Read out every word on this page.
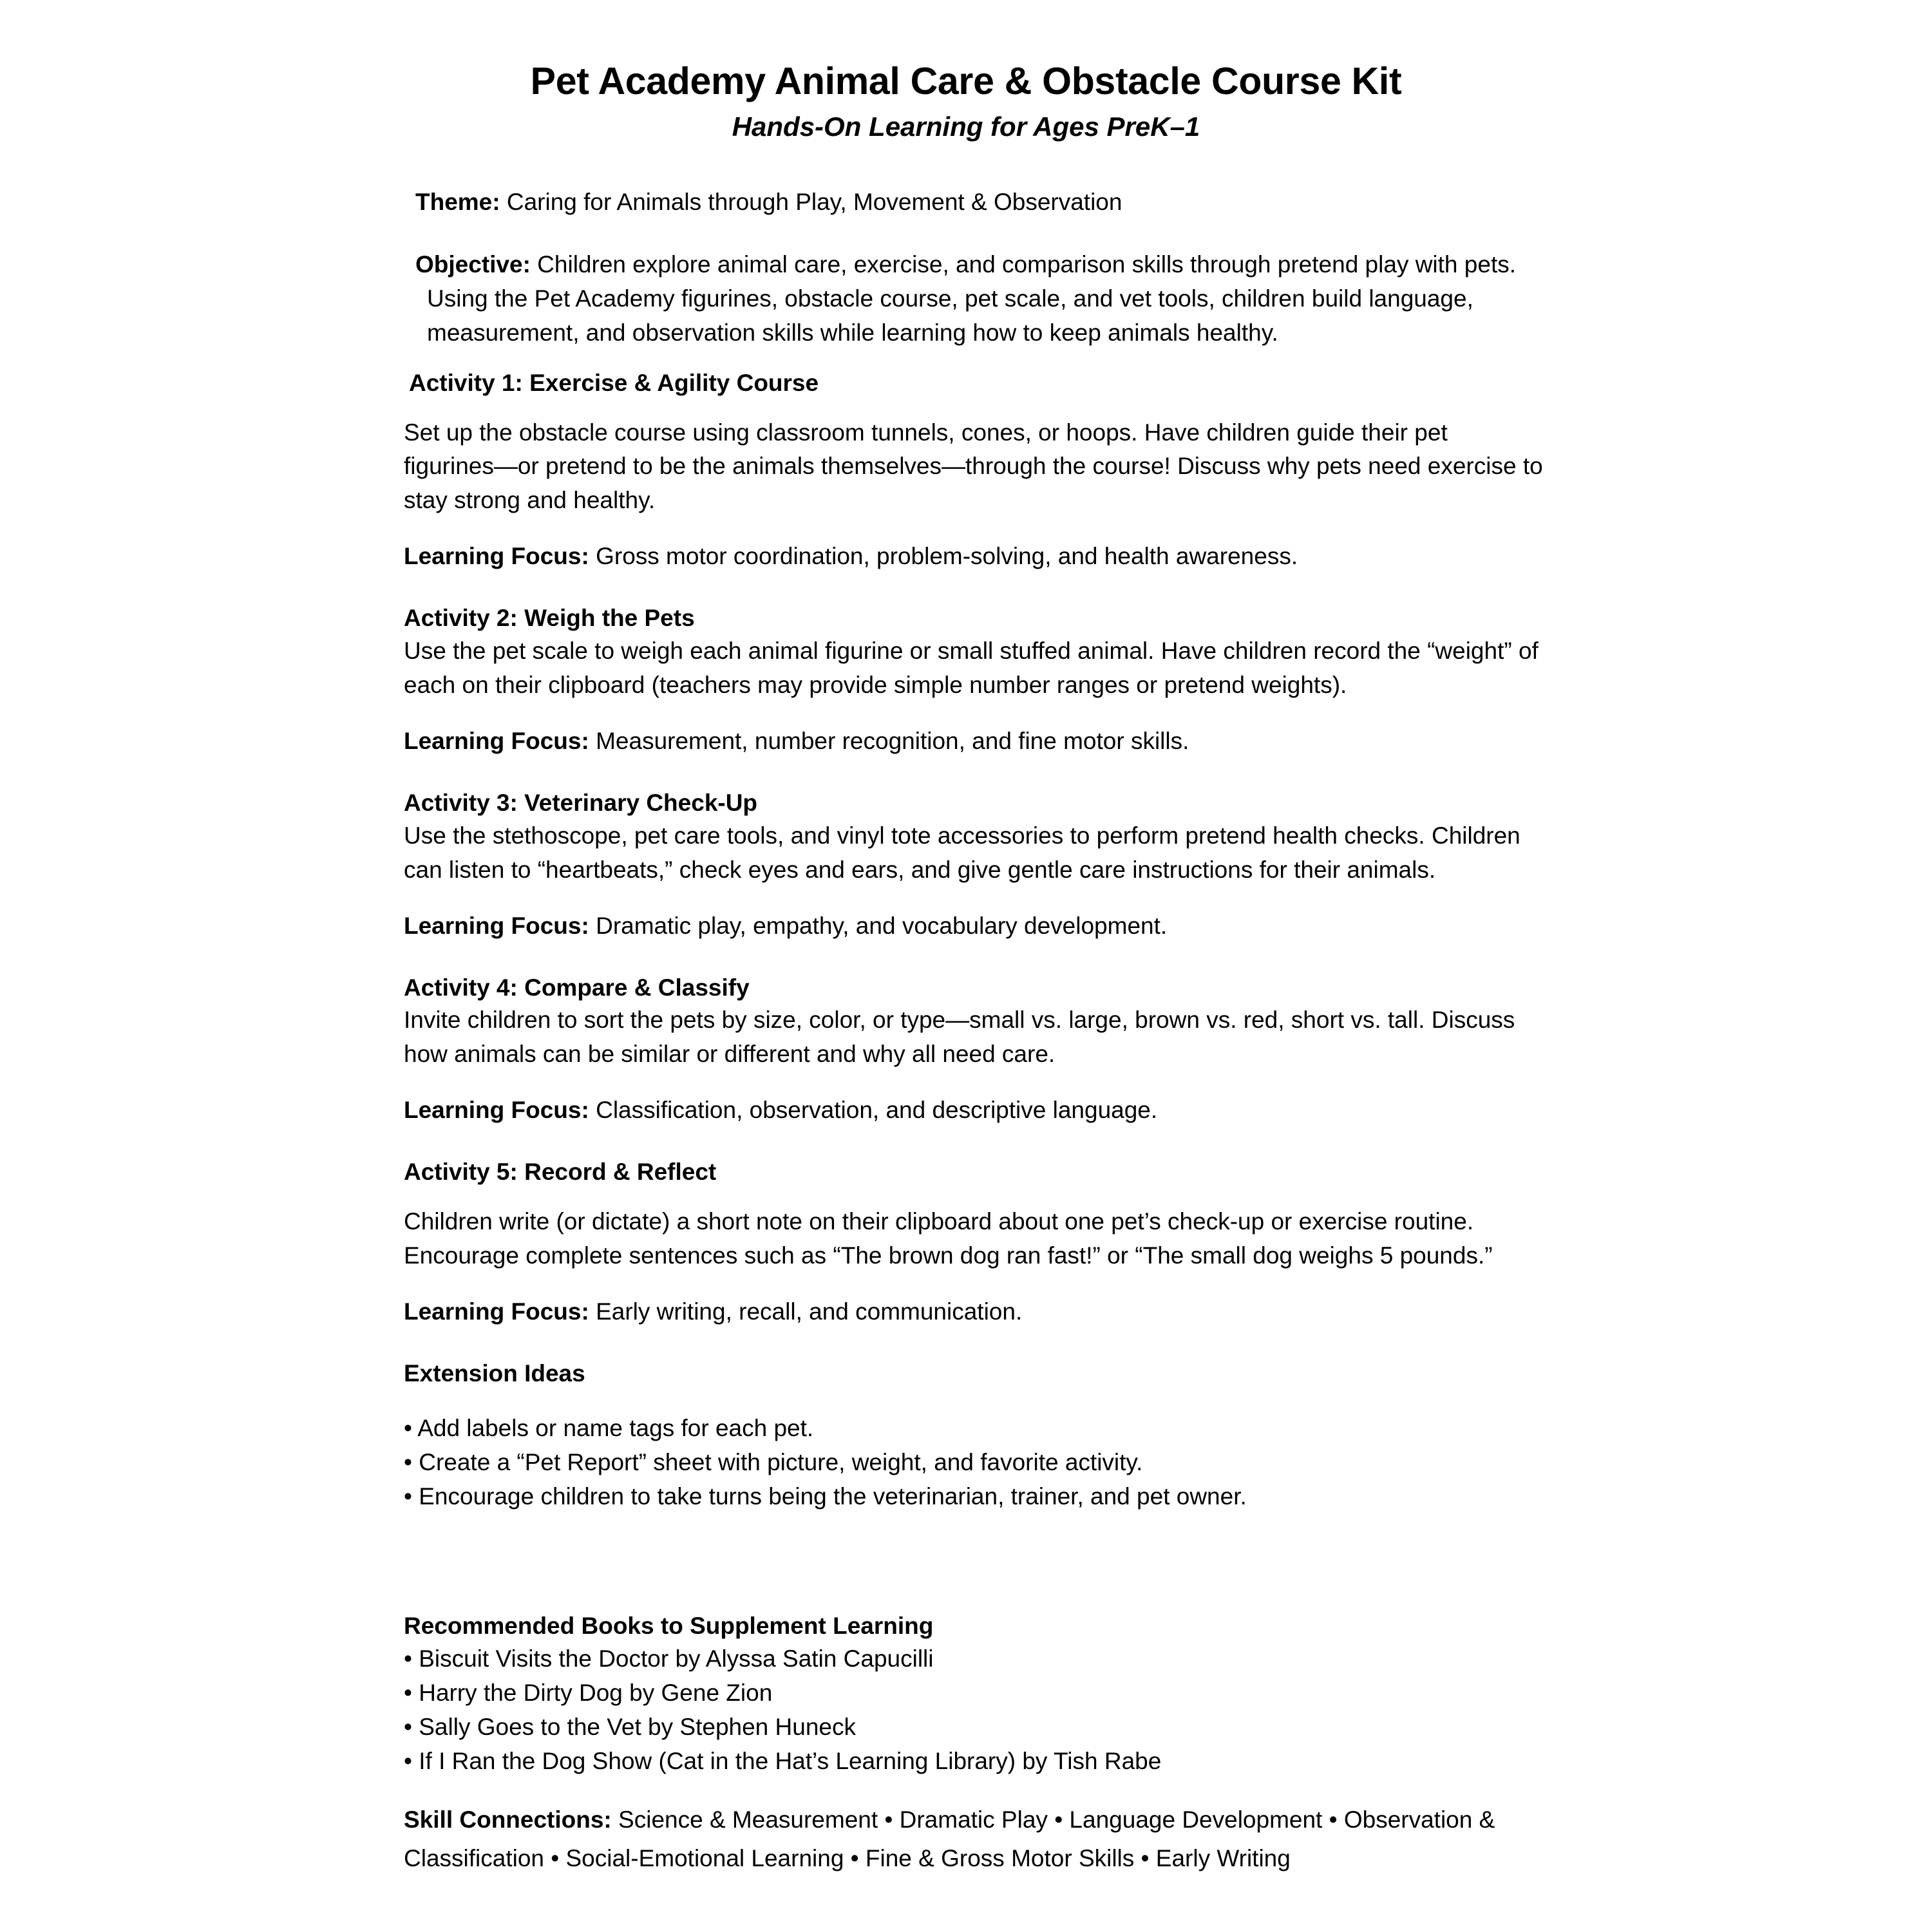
Pet Academy Animal Care & Obstacle Course Kit
Hands-On Learning for Ages PreK–1

Theme: Caring for Animals through Play, Movement & Observation

Objective: Children explore animal care, exercise, and comparison skills through pretend play with pets. Using the Pet Academy figurines, obstacle course, pet scale, and vet tools, children build language, measurement, and observation skills while learning how to keep animals healthy.

Activity 1: Exercise & Agility Course

Set up the obstacle course using classroom tunnels, cones, or hoops. Have children guide their pet figurines—or pretend to be the animals themselves—through the course! Discuss why pets need exercise to stay strong and healthy.

Learning Focus: Gross motor coordination, problem-solving, and health awareness.

Activity 2: Weigh the Pets

Use the pet scale to weigh each animal figurine or small stuffed animal. Have children record the “weight” of each on their clipboard (teachers may provide simple number ranges or pretend weights).

Learning Focus: Measurement, number recognition, and fine motor skills.

Activity 3: Veterinary Check-Up

Use the stethoscope, pet care tools, and vinyl tote accessories to perform pretend health checks. Children can listen to “heartbeats,” check eyes and ears, and give gentle care instructions for their animals.

Learning Focus: Dramatic play, empathy, and vocabulary development.

Activity 4: Compare & Classify

Invite children to sort the pets by size, color, or type—small vs. large, brown vs. red, short vs. tall. Discuss how animals can be similar or different and why all need care.

Learning Focus: Classification, observation, and descriptive language.

Activity 5: Record & Reflect

Children write (or dictate) a short note on their clipboard about one pet’s check-up or exercise routine. Encourage complete sentences such as “The brown dog ran fast!” or “The small dog weighs 5 pounds.”

Learning Focus: Early writing, recall, and communication.

Extension Ideas
• Add labels or name tags for each pet.
• Create a “Pet Report” sheet with picture, weight, and favorite activity.
• Encourage children to take turns being the veterinarian, trainer, and pet owner.
Recommended Books to Supplement Learning
• Biscuit Visits the Doctor by Alyssa Satin Capucilli
• Harry the Dirty Dog by Gene Zion
• Sally Goes to the Vet by Stephen Huneck
• If I Ran the Dog Show (Cat in the Hat’s Learning Library) by Tish Rabe

Skill Connections: Science & Measurement • Dramatic Play • Language Development • Observation & Classification • Social-Emotional Learning • Fine & Gross Motor Skills • Early Writing
